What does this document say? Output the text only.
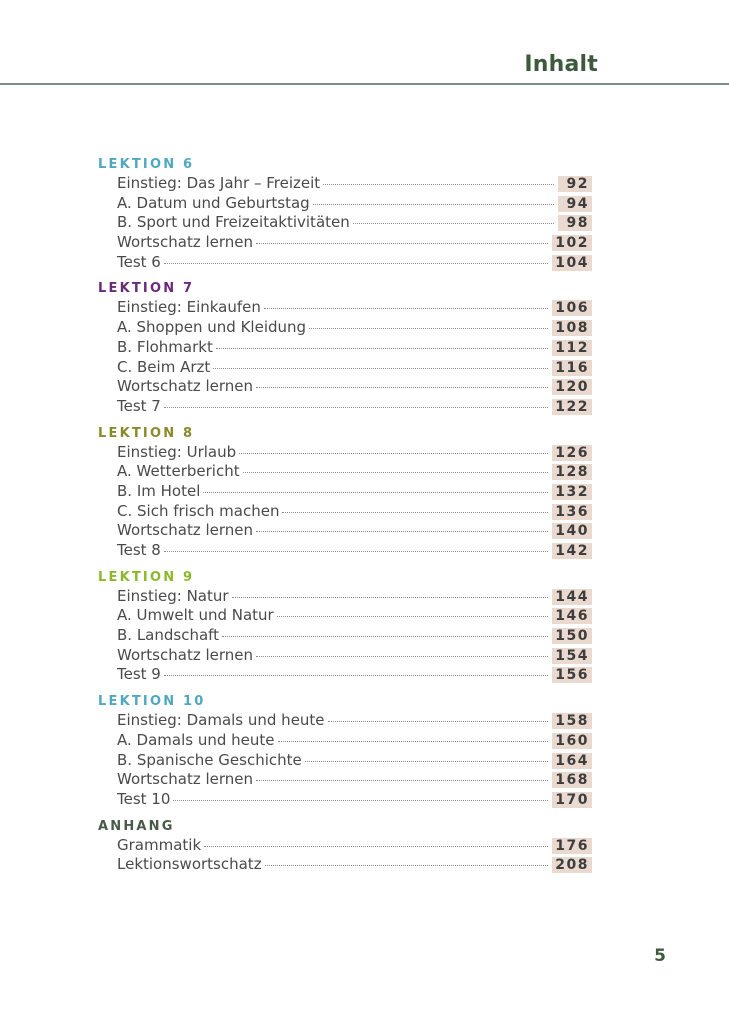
Inhalt
LEKTION 6
Einstieg: Das Jahr – Freizeit	92
A. Datum und Geburtstag	94
B. Sport und Freizeitaktivitäten	98
Wortschatz lernen	102
Test 6	104
LEKTION 7
Einstieg: Einkaufen	106
A. Shoppen und Kleidung	108
B. Flohmarkt	112
C. Beim Arzt	116
Wortschatz lernen	120
Test 7	122
LEKTION 8
Einstieg: Urlaub	126
A. Wetterbericht	128
B. Im Hotel	132
C. Sich frisch machen	136
Wortschatz lernen	140
Test 8	142
LEKTION 9
Einstieg: Natur	144
A. Umwelt und Natur	146
B. Landschaft	150
Wortschatz lernen	154
Test 9	156
LEKTION 10
Einstieg: Damals und heute	158
A. Damals und heute	160
B. Spanische Geschichte	164
Wortschatz lernen	168
Test 10	170
ANHANG
Grammatik	176
Lektionswortschatz	208
5
